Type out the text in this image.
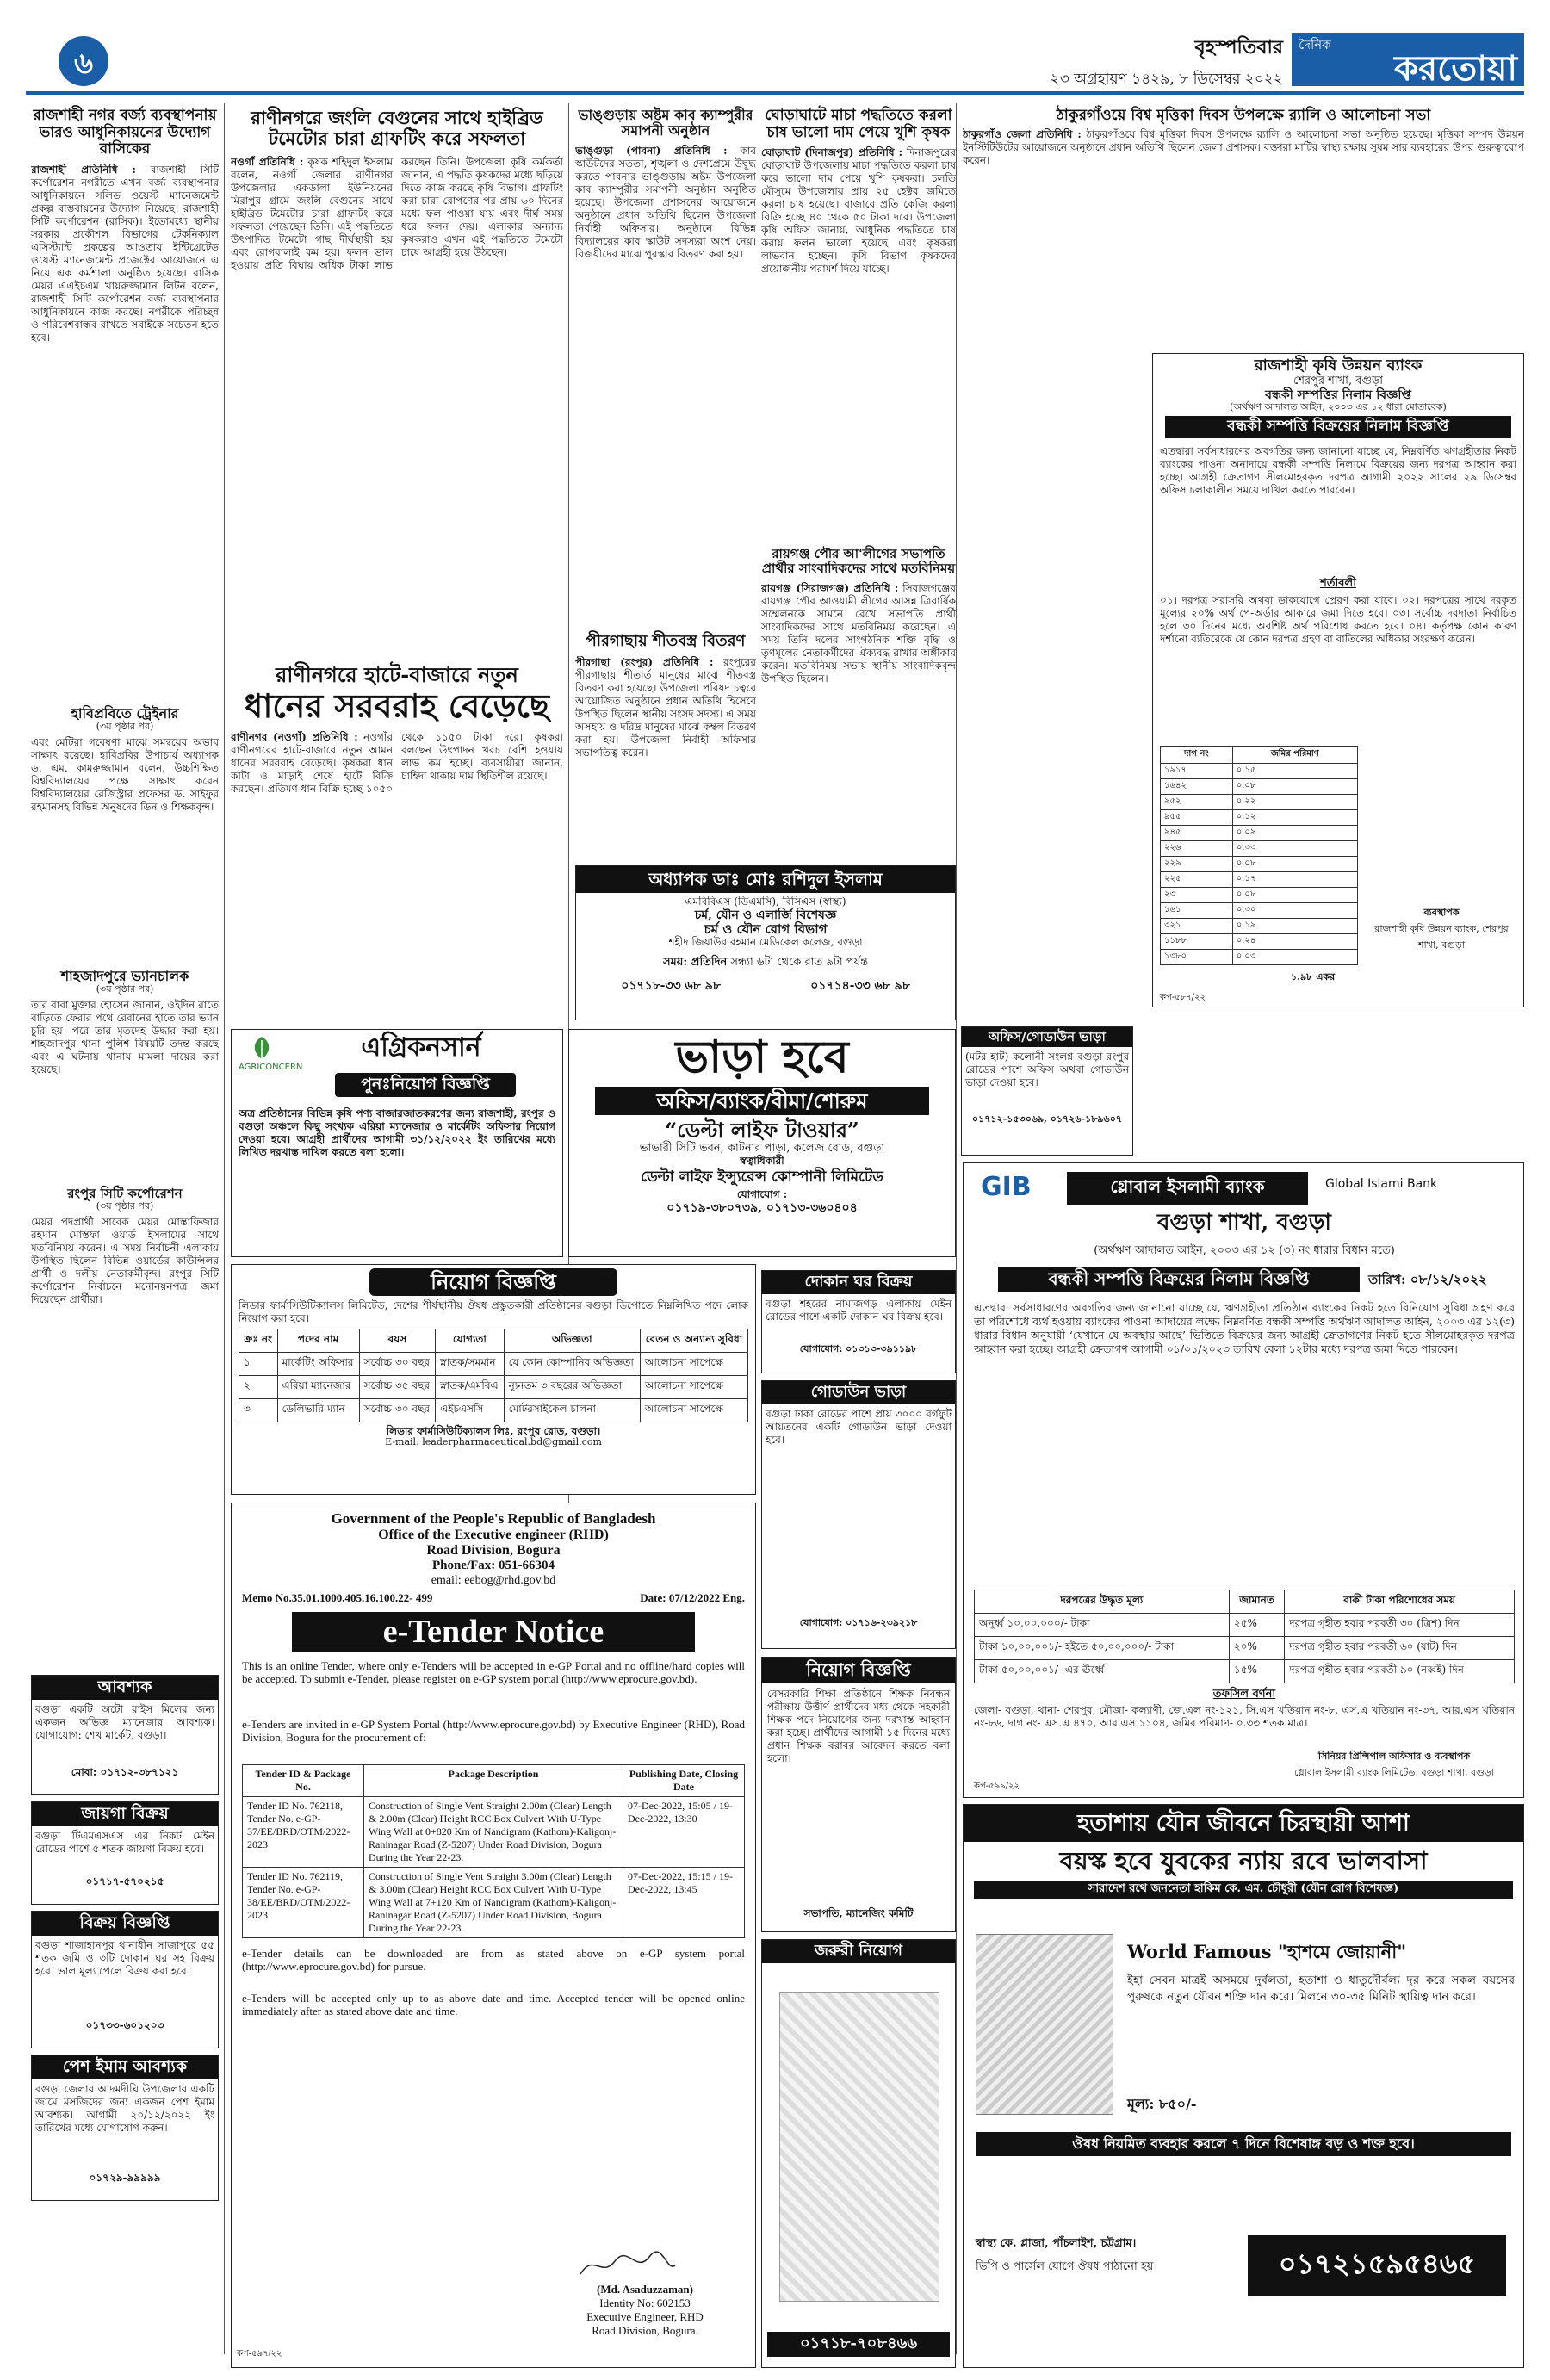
৬	বৃহস্পতিবার
২৩ অগ্রহায়ণ ১৪২৯, ৮ ডিসেম্বর ২০২২
দৈনিক
করতোয়া
রাজশাহী নগর বর্জ্য ব্যবস্থাপনায় ভারও আধুনিকায়নের উদ্যোগ রাসিকের
রাজশাহী প্রতিনিধি : রাজশাহী সিটি কর্পোরেশন নগরীতে এখন বর্জ্য ব্যবস্থাপনার আধুনিকায়নে সলিড ওয়েস্ট ম্যানেজমেন্ট প্রকল্প বাস্তবায়নের উদ্যোগ নিয়েছে। রাজশাহী সিটি কর্পোরেশন (রাসিক)। ইতোমধ্যে স্থানীয় সরকার প্রকৌশল বিভাগের টেকনিক্যাল এসিস্ট্যান্ট প্রকল্পের আওতায় ইন্টিগ্রেটেড ওয়েস্ট ম্যানেজমেন্ট প্রজেক্টের আয়োজনে এ নিয়ে এক কর্মশালা অনুষ্ঠিত হয়েছে। রাসিক মেয়র এএইচএম খায়রুজ্জামান লিটন বলেন, রাজশাহী সিটি কর্পোরেশন বর্জ্য ব্যবস্থাপনার আধুনিকায়নে কাজ করছে। নগরীকে পরিচ্ছন্ন ও পরিবেশবান্ধব রাখতে সবাইকে সচেতন হতে হবে।
হাবিপ্রবিতে ট্রেইনার
(৩য় পৃষ্ঠার পর)
এবং মেটিরা গবেষণা মাঝে সমন্বয়ের অভাব সাক্ষাৎ রয়েছে। হাবিপ্রবির উপাচার্য অধ্যাপক ড. এম. কামরুজ্জামান বলেন, উচ্চশিক্ষিত বিশ্ববিদ্যালয়ের পক্ষে সাক্ষাৎ করেন বিশ্ববিদ্যালয়ের রেজিস্ট্রার প্রফেসর ড. সাইফুর রহমানসহ বিভিন্ন অনুষদের ডিন ও শিক্ষকবৃন্দ।
শাহজাদপুরে ভ্যানচালক
(৩য় পৃষ্ঠার পর)
তার বাবা মুক্তার হোসেন জানান, ওইদিন রাতে বাড়িতে ফেরার পথে রেবানের হাতে তার ভ্যান চুরি হয়। পরে তার মৃতদেহ উদ্ধার করা হয়। শাহজাদপুর থানা পুলিশ বিষয়টি তদন্ত করছে এবং এ ঘটনায় থানায় মামলা দায়ের করা হয়েছে।
রংপুর সিটি কর্পোরেশন
(৩য় পৃষ্ঠার পর)
মেয়র পদপ্রার্থী সাবেক মেয়র মোস্তাফিজার রহমান মোস্তফা ওয়ার্ড ইসলামের সাথে মতবিনিময় করেন। এ সময় নির্বাচনী এলাকায় উপস্থিত ছিলেন বিভিন্ন ওয়ার্ডের কাউন্সিলর প্রার্থী ও দলীয় নেতাকর্মীবৃন্দ। রংপুর সিটি কর্পোরেশন নির্বাচনে মনোনয়নপত্র জমা দিয়েছেন প্রার্থীরা।
আবশ্যক
বগুড়া একটি অটো রাইস মিলের জন্য একজন অভিজ্ঞ ম্যানেজার আবশ্যক। যোগাযোগ: শেখ মার্কেট, বগুড়া।
মোবা: ০১৭১২-৩৮৭১২১
জায়গা বিক্রয়
বগুড়া টিএমএসএস এর নিকট মেইন রোডের পাশে ৫ শতক জায়গা বিক্রয় হবে।
০১৭১৭-৫৭০২১৫
বিক্রয় বিজ্ঞপ্তি
বগুড়া শাজাহানপুর থানাধীন সাজাপুরে ৫৫ শতক জমি ও ৩টি দোকান ঘর সহ বিক্রয় হবে। ভাল মূল্য পেলে বিক্রয় করা হবে।
০১৭৩৩-৬০১২০৩
পেশ ইমাম আবশ্যক
বগুড়া জেলার আদমদীঘি উপজেলার একটি জামে মসজিদের জন্য একজন পেশ ইমাম আবশ্যক। আগামী ২০/১২/২০২২ ইং তারিখের মধ্যে যোগাযোগ করুন।
০১৭২৯-৯৯৯৯৯
রাণীনগরে জংলি বেগুনের সাথে হাইব্রিড টমেটোর চারা গ্রাফটিং করে সফলতা
নওগাঁ প্রতিনিধি : কৃষক শহিদুল ইসলাম বলেন, নওগাঁ জেলার রাণীনগর উপজেলার একডালা ইউনিয়নের মিরাপুর গ্রামে জংলি বেগুনের সাথে হাইব্রিড টমেটোর চারা গ্রাফটিং করে সফলতা পেয়েছেন তিনি। এই পদ্ধতিতে উৎপাদিত টমেটো গাছ দীর্ঘস্থায়ী হয় এবং রোগবালাই কম হয়। ফলন ভাল হওয়ায় প্রতি বিঘায় অধিক টাকা লাভ করছেন তিনি। উপজেলা কৃষি কর্মকর্তা জানান, এ পদ্ধতি কৃষকদের মধ্যে ছড়িয়ে দিতে কাজ করছে কৃষি বিভাগ। গ্রাফটিং করা চারা রোপণের পর প্রায় ৬০ দিনের মধ্যে ফল পাওয়া যায় এবং দীর্ঘ সময় ধরে ফলন দেয়। এলাকার অন্যান্য কৃষকরাও এখন এই পদ্ধতিতে টমেটো চাষে আগ্রহী হয়ে উঠছেন।
রাণীনগরে হাটে-বাজারে নতুন
ধানের সরবরাহ বেড়েছে
রাণীনগর (নওগাঁ) প্রতিনিধি : নওগাঁর রাণীনগরের হাটে-বাজারে নতুন আমন ধানের সরবরাহ বেড়েছে। কৃষকরা ধান কাটা ও মাড়াই শেষে হাটে বিক্রি করছেন। প্রতিমণ ধান বিক্রি হচ্ছে ১০৫০ থেকে ১১৫০ টাকা দরে। কৃষকরা বলছেন উৎপাদন খরচ বেশি হওয়ায় লাভ কম হচ্ছে। ব্যবসায়ীরা জানান, চাহিদা থাকায় দাম স্থিতিশীল রয়েছে।
AGRICONCERN
এগ্রিকনসার্ন
পুনঃনিয়োগ বিজ্ঞপ্তি
অত্র প্রতিষ্ঠানের বিভিন্ন কৃষি পণ্য বাজারজাতকরণের জন্য রাজশাহী, রংপুর ও বগুড়া অঞ্চলে কিছু সংখ্যক এরিয়া ম্যানেজার ও মার্কেটিং অফিসার নিয়োগ দেওয়া হবে। আগ্রহী প্রার্থীদের আগামী ৩১/১২/২০২২ ইং তারিখের মধ্যে লিখিত দরখাস্ত দাখিল করতে বলা হলো।
ভাড়া হবে
অফিস/ব্যাংক/বীমা/শোরুম
“ডেল্টা লাইফ টাওয়ার”
ভাভারী সিটি ভবন, কাটনার পাড়া, কলেজ রোড, বগুড়া
স্বত্বাধিকারী
ডেল্টা লাইফ ইন্স্যুরেন্স কোম্পানী লিমিটেড
যোগাযোগ :
০১৭১৯-৩৮০৭৩৯, ০১৭১৩-৩৬০৪০৪
নিয়োগ বিজ্ঞপ্তি
লিডার ফার্মাসিউটিক্যালস লিমিটেড, দেশের শীর্ষস্থানীয় ঔষধ প্রস্তুতকারী প্রতিষ্ঠানের বগুড়া ডিপোতে নিম্নলিখিত পদে লোক নিয়োগ করা হবে।
ক্রঃ নং	পদের নাম	বয়স	যোগ্যতা	অভিজ্ঞতা	বেতন ও অন্যান্য সুবিধা
১	মার্কেটিং অফিসার	সর্বোচ্চ ৩০ বছর	স্নাতক/সমমান	যে কোন কোম্পানির অভিজ্ঞতা	আলোচনা সাপেক্ষে
২	এরিয়া ম্যানেজার	সর্বোচ্চ ৩৫ বছর	স্নাতক/এমবিএ	ন্যূনতম ৩ বছরের অভিজ্ঞতা	আলোচনা সাপেক্ষে
৩	ডেলিভারি ম্যান	সর্বোচ্চ ৩০ বছর	এইচএসসি	মোটরসাইকেল চালনা	আলোচনা সাপেক্ষে
লিডার ফার্মাসিউটিক্যালস লিঃ, রংপুর রোড, বগুড়া।
E-mail: leaderpharmaceutical.bd@gmail.com
Government of the People's Republic of Bangladesh
Office of the Executive engineer (RHD)
Road Division, Bogura
Phone/Fax: 051-66304
email: eebog@rhd.gov.bd
Memo No.35.01.1000.405.16.100.22- 499	Date: 07/12/2022 Eng.
e-Tender Notice
This is an online Tender, where only e-Tenders will be accepted in e-GP Portal and no offline/hard copies will be accepted. To submit e-Tender, please register on e-GP system portal (http://www.eprocure.gov.bd).
e-Tenders are invited in e-GP System Portal (http://www.eprocure.gov.bd) by Executive Engineer (RHD), Road Division, Bogura for the procurement of:
Tender ID & Package No.	Package Description	Publishing Date, Closing Date
Tender ID No. 762118, Tender No. e-GP-37/EE/BRD/OTM/2022-2023	Construction of Single Vent Straight 2.00m (Clear) Length & 2.00m (Clear) Height RCC Box Culvert With U-Type Wing Wall at 0+820 Km of Nandigram (Kathom)-Kaligonj-Raninagar Road (Z-5207) Under Road Division, Bogura During the Year 22-23.	07-Dec-2022, 15:05 / 19-Dec-2022, 13:30
Tender ID No. 762119, Tender No. e-GP-38/EE/BRD/OTM/2022-2023	Construction of Single Vent Straight 3.00m (Clear) Length & 3.00m (Clear) Height RCC Box Culvert With U-Type Wing Wall at 7+120 Km of Nandigram (Kathom)-Kaligonj-Raninagar Road (Z-5207) Under Road Division, Bogura During the Year 22-23.	07-Dec-2022, 15:15 / 19-Dec-2022, 13:45
e-Tender details can be downloaded are from as stated above on e-GP system portal (http://www.eprocure.gov.bd) for pursue.
e-Tenders will be accepted only up to as above date and time. Accepted tender will be opened online immediately after as stated above date and time.
(Md. Asaduzzaman)
Identity No: 602153
Executive Engineer, RHD
Road Division, Bogura.
কপ-৫৯৭/২২
ভাঙ্গুড়ায় অষ্টম কাব ক্যাম্পুরীর সমাপনী অনুষ্ঠান
ভাঙ্গুড়া (পাবনা) প্রতিনিধি : কাব স্কাউটদের সততা, শৃঙ্খলা ও দেশপ্রেমে উদ্বুদ্ধ করতে পাবনার ভাঙ্গুড়ায় অষ্টম উপজেলা কাব ক্যাম্পুরীর সমাপনী অনুষ্ঠান অনুষ্ঠিত হয়েছে। উপজেলা প্রশাসনের আয়োজনে অনুষ্ঠানে প্রধান অতিথি ছিলেন উপজেলা নির্বাহী অফিসার। অনুষ্ঠানে বিভিন্ন বিদ্যালয়ের কাব স্কাউট সদস্যরা অংশ নেয়। বিজয়ীদের মাঝে পুরস্কার বিতরণ করা হয়।
পীরগাছায় শীতবস্ত্র বিতরণ
পীরগাছা (রংপুর) প্রতিনিধি : রংপুরের পীরগাছায় শীতার্ত মানুষের মাঝে শীতবস্ত্র বিতরণ করা হয়েছে। উপজেলা পরিষদ চত্বরে আয়োজিত অনুষ্ঠানে প্রধান অতিথি হিসেবে উপস্থিত ছিলেন স্থানীয় সংসদ সদস্য। এ সময় অসহায় ও দরিদ্র মানুষের মাঝে কম্বল বিতরণ করা হয়। উপজেলা নির্বাহী অফিসার সভাপতিত্ব করেন।
অধ্যাপক ডাঃ মোঃ রশিদুল ইসলাম
এমবিবিএস (ডিএমসি), বিসিএস (স্বাস্থ্য)
চর্ম, যৌন ও এলার্জি বিশেষজ্ঞ
চর্ম ও যৌন রোগ বিভাগ
শহীদ জিয়াউর রহমান মেডিকেল কলেজ, বগুড়া
সময়: প্রতিদিন সন্ধ্যা ৬টা থেকে রাত ৯টা পর্যন্ত
০১৭১৮-৩৩ ৬৮ ৯৮	০১৭১৪-৩৩ ৬৮ ৯৮
নিয়োগ বিজ্ঞপ্তি
বেসরকারি শিক্ষা প্রতিষ্ঠানে শিক্ষক নিবন্ধন পরীক্ষায় উত্তীর্ণ প্রার্থীদের মধ্য থেকে সহকারী শিক্ষক পদে নিয়োগের জন্য দরখাস্ত আহ্বান করা হচ্ছে। প্রার্থীদের আগামী ১৫ দিনের মধ্যে প্রধান শিক্ষক বরাবর আবেদন করতে বলা হলো।
সভাপতি, ম্যানেজিং কমিটি
জরুরী নিয়োগ
০১৭১৮-৭০৮৪৬৬
ঘোড়াঘাটে মাচা পদ্ধতিতে করলা চাষ ভালো দাম পেয়ে খুশি কৃষক
ঘোড়াঘাট (দিনাজপুর) প্রতিনিধি : দিনাজপুরের ঘোড়াঘাট উপজেলায় মাচা পদ্ধতিতে করলা চাষ করে ভালো দাম পেয়ে খুশি কৃষকরা। চলতি মৌসুমে উপজেলায় প্রায় ২৫ হেক্টর জমিতে করলা চাষ হয়েছে। বাজারে প্রতি কেজি করলা বিক্রি হচ্ছে ৪০ থেকে ৫০ টাকা দরে। উপজেলা কৃষি অফিস জানায়, আধুনিক পদ্ধতিতে চাষ করায় ফলন ভালো হয়েছে এবং কৃষকরা লাভবান হচ্ছেন। কৃষি বিভাগ কৃষকদের প্রয়োজনীয় পরামর্শ দিয়ে যাচ্ছে।
রায়গঞ্জ পৌর আ'লীগের সভাপতি প্রার্থীর সাংবাদিকদের সাথে মতবিনিময়
রায়গঞ্জ (সিরাজগঞ্জ) প্রতিনিধি : সিরাজগঞ্জের রায়গঞ্জ পৌর আওয়ামী লীগের আসন্ন ত্রিবার্ষিক সম্মেলনকে সামনে রেখে সভাপতি প্রার্থী সাংবাদিকদের সাথে মতবিনিময় করেছেন। এ সময় তিনি দলের সাংগঠনিক শক্তি বৃদ্ধি ও তৃণমূলের নেতাকর্মীদের ঐক্যবদ্ধ রাখার অঙ্গীকার করেন। মতবিনিময় সভায় স্থানীয় সাংবাদিকবৃন্দ উপস্থিত ছিলেন।
দোকান ঘর বিক্রয়
বগুড়া শহরের নামাজগড় এলাকায় মেইন রোডের পাশে একটি দোকান ঘর বিক্রয় হবে।
যোগাযোগ: ০১৩১৩-৩৯১১৯৮
গোডাউন ভাড়া
বগুড়া ঢাকা রোডের পাশে প্রায় ৩০০০ বর্গফুট আয়তনের একটি গোডাউন ভাড়া দেওয়া হবে।
যোগাযোগ: ০১৭১৬-২৩৯২১৮
অফিস/গোডাউন ভাড়া
(মটর হাট) কলোনী সংলগ্ন বগুড়া-রংপুর রোডের পাশে অফিস অথবা গোডাউন ভাড়া দেওয়া হবে।
০১৭১২-১৫৩০৬৯, ০১৭২৬-১৮৯৬০৭
ঠাকুরগাঁওয়ে বিশ্ব মৃত্তিকা দিবস উপলক্ষে র‌্যালি ও আলোচনা সভা
ঠাকুরগাঁও জেলা প্রতিনিধি : ঠাকুরগাঁওয়ে বিশ্ব মৃত্তিকা দিবস উপলক্ষে র‌্যালি ও আলোচনা সভা অনুষ্ঠিত হয়েছে। মৃত্তিকা সম্পদ উন্নয়ন ইনস্টিটিউটের আয়োজনে অনুষ্ঠানে প্রধান অতিথি ছিলেন জেলা প্রশাসক। বক্তারা মাটির স্বাস্থ্য রক্ষায় সুষম সার ব্যবহারের উপর গুরুত্বারোপ করেন।
রাজশাহী কৃষি উন্নয়ন ব্যাংক
শেরপুর শাখা, বগুড়া
বন্ধকী সম্পত্তির নিলাম বিজ্ঞপ্তি
(অর্থঋণ আদালত আইন, ২০০৩ এর ১২ ধারা মোতাবেক)
বন্ধকী সম্পত্তি বিক্রয়ের নিলাম বিজ্ঞপ্তি
এতদ্বারা সর্বসাধারণের অবগতির জন্য জানানো যাচ্ছে যে, নিম্নবর্ণিত ঋণগ্রহীতার নিকট ব্যাংকের পাওনা অনাদায়ে বন্ধকী সম্পত্তি নিলামে বিক্রয়ের জন্য দরপত্র আহ্বান করা হচ্ছে। আগ্রহী ক্রেতাগণ সীলমোহরকৃত দরপত্র আগামী ২০২২ সালের ২৯ ডিসেম্বর অফিস চলাকালীন সময়ে দাখিল করতে পারবেন।
শর্তাবলী
০১। দরপত্র সরাসরি অথবা ডাকযোগে প্রেরণ করা যাবে। ০২। দরপত্রের সাথে দরকৃত মূল্যের ২০% অর্থ পে-অর্ডার আকারে জমা দিতে হবে। ০৩। সর্বোচ্চ দরদাতা নির্বাচিত হলে ৩০ দিনের মধ্যে অবশিষ্ট অর্থ পরিশোধ করতে হবে। ০৪। কর্তৃপক্ষ কোন কারণ দর্শানো ব্যতিরেকে যে কোন দরপত্র গ্রহণ বা বাতিলের অধিকার সংরক্ষণ করেন।
দাগ নং	জমির পরিমাণ
১৯১৭	০.১৫
১৬৪২	০.০৮
৯৫২	০.২২
৯৫৫	০.১২
৯৪৫	০.০৯
২২৬	০.৩৩
২২৯	০.০৮
২২৫	০.১৭
২৩	০.০৮
১৬১	০.৩০
৩২১	০.১৯
১১৮৮	০.২৪
১৩৮০	০.০৩
১.৯৮ একর
ব্যবস্থাপক
রাজশাহী কৃষি উন্নয়ন ব্যাংক, শেরপুর শাখা, বগুড়া
কপ-৫৮৭/২২
GIB	গ্লোবাল ইসলামী ব্যাংক	Global Islami Bank
বগুড়া শাখা, বগুড়া
(অর্থঋণ আদালত আইন, ২০০৩ এর ১২ (৩) নং ধারার বিধান মতে)
বন্ধকী সম্পত্তি বিক্রয়ের নিলাম বিজ্ঞপ্তি	তারিখ: ০৮/১২/২০২২
এতদ্বারা সর্বসাধারণের অবগতির জন্য জানানো যাচ্ছে যে, ঋণগ্রহীতা প্রতিষ্ঠান ব্যাংকের নিকট হতে বিনিয়োগ সুবিধা গ্রহণ করে তা পরিশোধে ব্যর্থ হওয়ায় ব্যাংকের পাওনা আদায়ের লক্ষ্যে নিম্নবর্ণিত বন্ধকী সম্পত্তি অর্থঋণ আদালত আইন, ২০০৩ এর ১২(৩) ধারার বিধান অনুযায়ী ‘যেখানে যে অবস্থায় আছে’ ভিত্তিতে বিক্রয়ের জন্য আগ্রহী ক্রেতাগণের নিকট হতে সীলমোহরকৃত দরপত্র আহ্বান করা হচ্ছে। আগ্রহী ক্রেতাগণ আগামী ০১/০১/২০২৩ তারিখ বেলা ১২টার মধ্যে দরপত্র জমা দিতে পারবেন।
দরপত্রের উদ্ধৃত মূল্য	জামানত	বাকী টাকা পরিশোধের সময়
অনূর্ধ্ব ১০,০০,০০০/- টাকা	২৫%	দরপত্র গৃহীত হবার পরবর্তী ৩০ (ত্রিশ) দিন
টাকা ১০,০০,০০১/- হইতে ৫০,০০,০০০/- টাকা	২০%	দরপত্র গৃহীত হবার পরবর্তী ৬০ (ষাট) দিন
টাকা ৫০,০০,০০১/- এর ঊর্ধ্বে	১৫%	দরপত্র গৃহীত হবার পরবর্তী ৯০ (নব্বই) দিন
তফসিল বর্ণনা
জেলা- বগুড়া, থানা- শেরপুর, মৌজা- কল্যাণী, জে.এল নং-১২১, সি.এস খতিয়ান নং-৮, এস.এ খতিয়ান নং-৩৭, আর.এস খতিয়ান নং-৮৬, দাগ নং- এস.এ ৪৭০, আর.এস ১১০৪, জমির পরিমাণ- ০.৩৩ শতক মাত্র।
সিনিয়র প্রিন্সিপাল অফিসার ও ব্যবস্থাপক
গ্লোবাল ইসলামী ব্যাংক লিমিটেড, বগুড়া শাখা, বগুড়া
কপ-৫৯৯/২২
হতাশায় যৌন জীবনে চিরস্থায়ী আশা
বয়স্ক হবে যুবকের ন্যায় রবে ভালবাসা
সারাদেশ রথে জননেতা হাকিম কে. এম. চৌধুরী (যৌন রোগ বিশেষজ্ঞ)
World Famous "হাশমে জোয়ানী"
ইহা সেবন মাত্রই অসময়ে দুর্বলতা, হতাশা ও ধাতুদৌর্বল্য দূর করে সকল বয়সের পুরুষকে নতুন যৌবন শক্তি দান করে। মিলনে ৩০-৩৫ মিনিট স্থায়িত্ব দান করে।
মূল্য: ৮৫০/-
ঔষধ নিয়মিত ব্যবহার করলে ৭ দিনে বিশেষাঙ্গ বড় ও শক্ত হবে।
স্বাস্থ্য কে. প্লাজা, পাঁচলাইশ, চট্টগ্রাম।
ভিপি ও পার্সেল যোগে ঔষধ পাঠানো হয়।	০১৭২১৫৯৫৪৬৫
